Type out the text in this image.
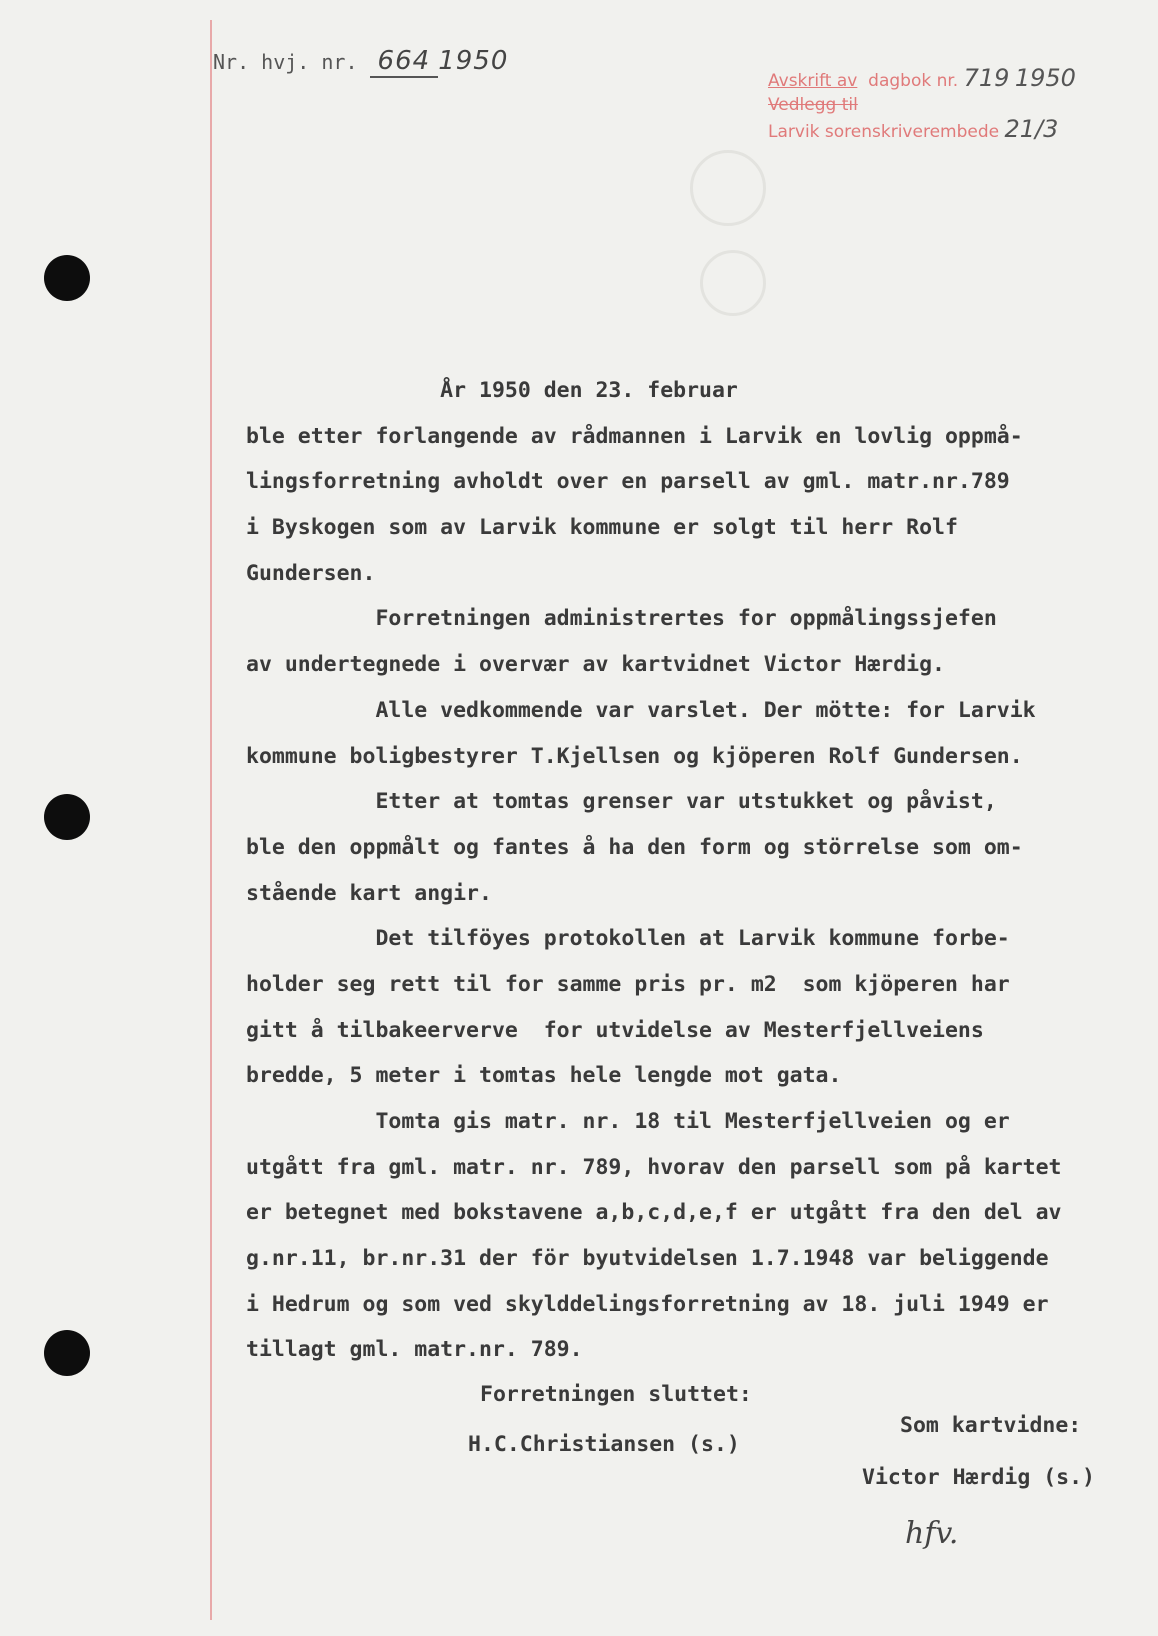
Nr. hvj. nr. 664 1950
Avskrift av dagbok nr. 719 1950
Vedlegg til
Larvik sorenskriverembede 21/3
År 1950 den 23. februar
ble etter forlangende av rådmannen i Larvik en lovlig oppmå-
lingsforretning avholdt over en parsell av gml. matr.nr.789
i Byskogen som av Larvik kommune er solgt til herr Rolf
Gundersen.
Forretningen administrertes for oppmålingssjefen
av undertegnede i overvær av kartvidnet Victor Hærdig.
Alle vedkommende var varslet. Der mötte: for Larvik
kommune boligbestyrer T.Kjellsen og kjöperen Rolf Gundersen.
Etter at tomtas grenser var utstukket og påvist,
ble den oppmålt og fantes å ha den form og störrelse som om-
stående kart angir.
Det tilföyes protokollen at Larvik kommune forbe-
holder seg rett til for samme pris pr. m2  som kjöperen har
gitt å tilbakeerverve  for utvidelse av Mesterfjellveiens
bredde, 5 meter i tomtas hele lengde mot gata.
Tomta gis matr. nr. 18 til Mesterfjellveien og er
utgått fra gml. matr. nr. 789, hvorav den parsell som på kartet
er betegnet med bokstavene a,b,c,d,e,f er utgått fra den del av
g.nr.11, br.nr.31 der för byutvidelsen 1.7.1948 var beliggende
i Hedrum og som ved skylddelingsforretning av 18. juli 1949 er
tillagt gml. matr.nr. 789.
Forretningen sluttet:
H.C.Christiansen (s.)
Som kartvidne:
Victor Hærdig (s.)
hfv.
